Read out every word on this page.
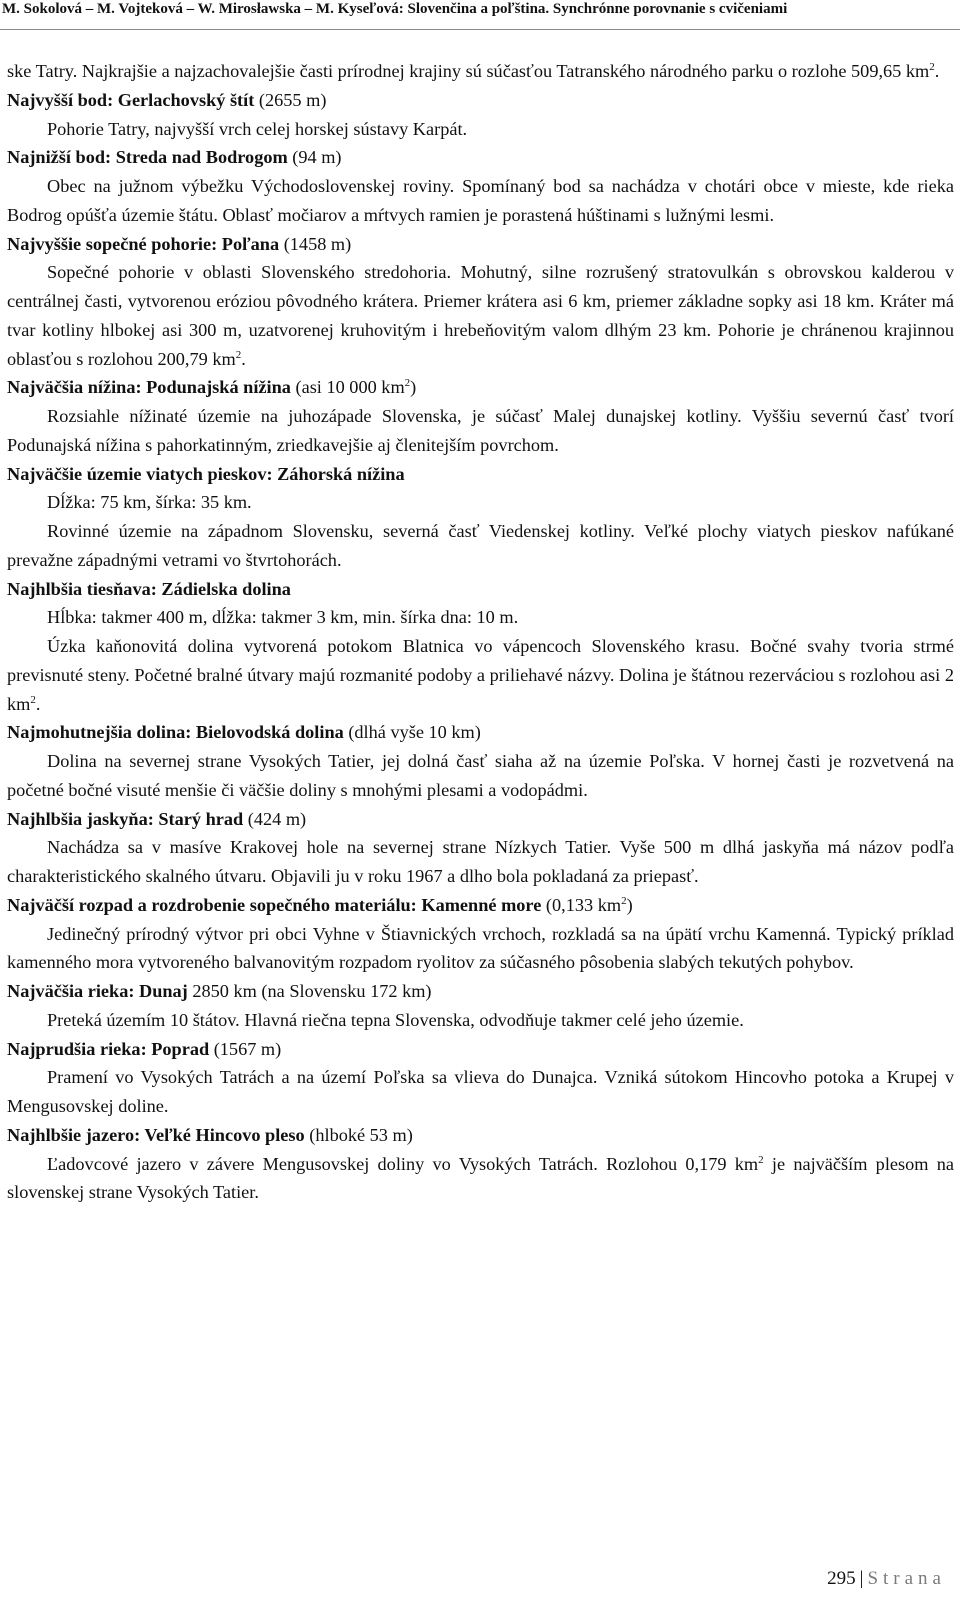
M. Sokolová – M. Vojteková – W. Mirosławska – M. Kyseľová: Slovenčina a poľština. Synchrónne porovnanie s cvičeniami

ske Tatry. Najkrajšie a najzachovalejšie časti prírodnej krajiny sú súčasťou Tatranského národného parku o rozlohe 509,65 $km^2$.

Najvyšší bod: Gerlachovský štít (2655 m)

Pohorie Tatry, najvyšší vrch celej horskej sústavy Karpát.

Najnižší bod: Streda nad Bodrogom (94 m)

Obec na južnom výbežku Východoslovenskej roviny. Spomínaný bod sa nachádza v chotári obce v mieste, kde rieka Bodrog opúšťa územie štátu. Oblasť močiarov a mŕtvych ramien je porastená húštinami s lužnými lesmi.

Najvyššie sopečné pohorie: Poľana (1458 m)

Sopečné pohorie v oblasti Slovenského stredohoria. Mohutný, silne rozrušený stratovulkán s obrovskou kalderou v centrálnej časti, vytvorenou eróziou pôvodného krátera. Priemer krátera asi 6 km, priemer základne sopky asi 18 km. Kráter má tvar kotliny hlbokej asi 300 m, uzatvorenej kruhovitým i hrebeňovitým valom dlhým 23 km. Pohorie je chránenou krajinnou oblasťou s rozlohou 200,79 $km^2$.

Najväčšia nížina: Podunajská nížina (asi 10 000 $km^2$)

Rozsiahle nížinaté územie na juhozápade Slovenska, je súčasť Malej dunajskej kotliny. Vyššiu severnú časť tvorí Podunajská nížina s pahorkatinným, zriedkavejšie aj členitejším povrchom.

Najväčšie územie viatych pieskov: Záhorská nížina

Dĺžka: 75 km, šírka: 35 km.

Rovinné územie na západnom Slovensku, severná časť Viedenskej kotliny. Veľké plochy viatych pieskov nafúkané prevažne západnými vetrami vo štvrtohorách.

Najhlbšia tiesňava: Zádielska dolina

Hĺbka: takmer 400 m, dĺžka: takmer 3 km, min. šírka dna: 10 m.

Úzka kaňonovitá dolina vytvorená potokom Blatnica vo vápencoch Slovenského krasu. Bočné svahy tvoria strmé previsnuté steny. Početné bralné útvary majú rozmanité podoby a priliehavé názvy. Dolina je štátnou rezerváciou s rozlohou asi 2 $km^2$.

Najmohutnejšia dolina: Bielovodská dolina (dlhá vyše 10 km)

Dolina na severnej strane Vysokých Tatier, jej dolná časť siaha až na územie Poľska. V hornej časti je rozvetvená na početné bočné visuté menšie či väčšie doliny s mnohými plesami a vodopádmi.

Najhlbšia jaskyňa: Starý hrad (424 m)

Nachádza sa v masíve Krakovej hole na severnej strane Nízkych Tatier. Vyše 500 m dlhá jaskyňa má názov podľa charakteristického skalného útvaru. Objavili ju v roku 1967 a dlho bola pokladaná za priepasť.

Najväčší rozpad a rozdrobenie sopečného materiálu: Kamenné more (0,133 $km^2$)

Jedinečný prírodný výtvor pri obci Vyhne v Štiavnických vrchoch, rozkladá sa na úpätí vrchu Kamenná. Typický príklad kamenného mora vytvoreného balvanovitým rozpadom ryolitov za súčasného pôsobenia slabých tekutých pohybov.

Najväčšia rieka: Dunaj 2850 km (na Slovensku 172 km)

Preteká územím 10 štátov. Hlavná riečna tepna Slovenska, odvodňuje takmer celé jeho územie.

Najprudšia rieka: Poprad (1567 m)

Pramení vo Vysokých Tatrách a na území Poľska sa vlieva do Dunajca. Vzniká sútokom Hincovho potoka a Krupej v Mengusovskej doline.

Najhlbšie jazero: Veľké Hincovo pleso (hlboké 53 m)

Ľadovcové jazero v závere Mengusovskej doliny vo Vysokých Tatrách. Rozlohou 0,179 $km^2$ je najväčším plesom na slovenskej strane Vysokých Tatier.

295 | Strana
